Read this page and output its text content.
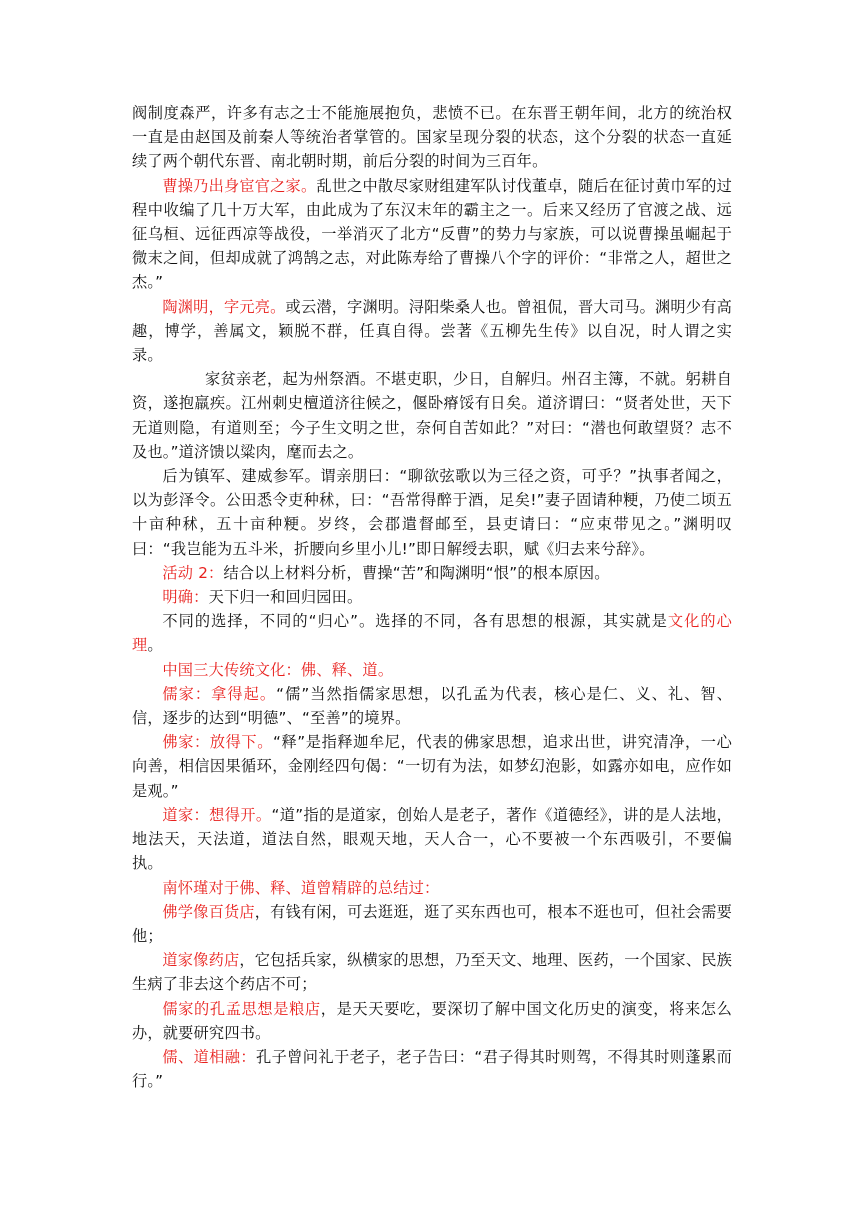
阀制度森严，许多有志之士不能施展抱负，悲愤不已。在东晋王朝年间，北方的统治权一直是由赵国及前秦人等统治者掌管的。国家呈现分裂的状态，这个分裂的状态一直延续了两个朝代东晋、南北朝时期，前后分裂的时间为三百年。

曹操乃出身宦官之家。乱世之中散尽家财组建军队讨伐董卓，随后在征讨黄巾军的过程中收编了几十万大军，由此成为了东汉末年的霸主之一。后来又经历了官渡之战、远征乌桓、远征西凉等战役，一举消灭了北方“反曹”的势力与家族，可以说曹操虽崛起于微末之间，但却成就了鸿鹄之志，对此陈寿给了曹操八个字的评价：“非常之人，超世之杰。”

陶渊明，字元亮。或云潜，字渊明。浔阳柴桑人也。曾祖侃，晋大司马。渊明少有高趣，博学，善属文，颖脱不群，任真自得。尝著《五柳先生传》以自况，时人谓之实录。

家贫亲老，起为州祭酒。不堪吏职，少日，自解归。州召主簿，不就。躬耕自资，遂抱羸疾。江州刺史檀道济往候之，偃卧瘠馁有日矣。道济谓曰：“贤者处世，天下无道则隐，有道则至；今子生文明之世，奈何自苦如此？”对曰：“潜也何敢望贤？志不及也。”道济馈以粱肉，麾而去之。

后为镇军、建威参军。谓亲朋曰：“聊欲弦歌以为三径之资，可乎？”执事者闻之，以为彭泽令。公田悉令吏种秫，曰：“吾常得醉于酒，足矣!”妻子固请种粳，乃使二顷五十亩种秫，五十亩种粳。岁终，会郡遣督邮至，县吏请曰：“应束带见之。”渊明叹曰：“我岂能为五斗米，折腰向乡里小儿!”即日解绶去职，赋《归去来兮辞》。

活动 2：结合以上材料分析，曹操“苦”和陶渊明“恨”的根本原因。

明确：天下归一和回归园田。

不同的选择，不同的“归心”。选择的不同，各有思想的根源，其实就是文化的心理。

中国三大传统文化：佛、释、道。

儒家：拿得起。“儒”当然指儒家思想，以孔孟为代表，核心是仁、义、礼、智、信，逐步的达到“明德”、“至善”的境界。

佛家：放得下。“释”是指释迦牟尼，代表的佛家思想，追求出世，讲究清净，一心向善，相信因果循环，金刚经四句偈：“一切有为法，如梦幻泡影，如露亦如电，应作如是观。”

道家：想得开。“道”指的是道家，创始人是老子，著作《道德经》，讲的是人法地，地法天，天法道，道法自然，眼观天地，天人合一，心不要被一个东西吸引，不要偏执。

南怀瑾对于佛、释、道曾精辟的总结过：

佛学像百货店，有钱有闲，可去逛逛，逛了买东西也可，根本不逛也可，但社会需要他；

道家像药店，它包括兵家，纵横家的思想，乃至天文、地理、医药，一个国家、民族生病了非去这个药店不可；

儒家的孔孟思想是粮店，是天天要吃，要深切了解中国文化历史的演变，将来怎么办，就要研究四书。

儒、道相融：孔子曾问礼于老子，老子告曰：“君子得其时则驾，不得其时则蓬累而行。”
